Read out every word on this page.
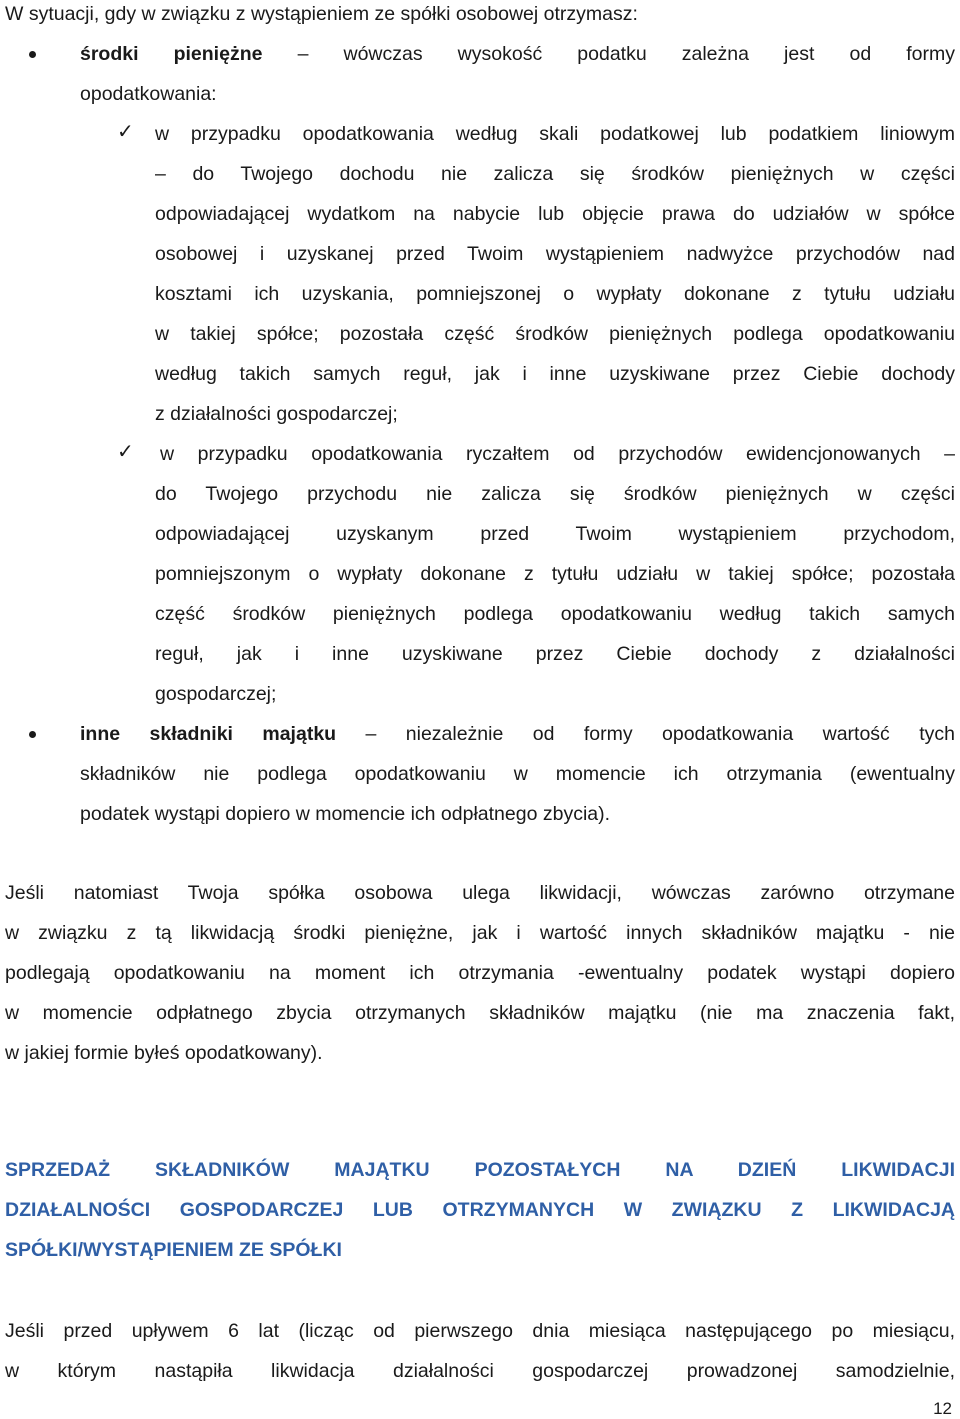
W sytuacji, gdy w związku z wystąpieniem ze spółki osobowej otrzymasz:
środki pieniężne – wówczas wysokość podatku zależna jest od formy
opodatkowania:
✓ w przypadku opodatkowania według skali podatkowej lub podatkiem liniowym
– do Twojego dochodu nie zalicza się środków pieniężnych w części
odpowiadającej wydatkom na nabycie lub objęcie prawa do udziałów w spółce
osobowej i uzyskanej przed Twoim wystąpieniem nadwyżce przychodów nad
kosztami ich uzyskania, pomniejszonej o wypłaty dokonane z tytułu udziału
w takiej spółce; pozostała część środków pieniężnych podlega opodatkowaniu
według takich samych reguł, jak i inne uzyskiwane przez Ciebie dochody
z działalności gospodarczej;
✓ w przypadku opodatkowania ryczałtem od przychodów ewidencjonowanych –
do Twojego przychodu nie zalicza się środków pieniężnych w części
odpowiadającej uzyskanym przed Twoim wystąpieniem przychodom,
pomniejszonym o wypłaty dokonane z tytułu udziału w takiej spółce; pozostała
część środków pieniężnych podlega opodatkowaniu według takich samych
reguł, jak i inne uzyskiwane przez Ciebie dochody z działalności
gospodarczej;
inne składniki majątku – niezależnie od formy opodatkowania wartość tych
składników nie podlega opodatkowaniu w momencie ich otrzymania (ewentualny
podatek wystąpi dopiero w momencie ich odpłatnego zbycia).
Jeśli natomiast Twoja spółka osobowa ulega likwidacji, wówczas zarówno otrzymane
w związku z tą likwidacją środki pieniężne, jak i wartość innych składników majątku - nie
podlegają opodatkowaniu na moment ich otrzymania -ewentualny podatek wystąpi dopiero
w momencie odpłatnego zbycia otrzymanych składników majątku (nie ma znaczenia fakt,
w jakiej formie byłeś opodatkowany).
SPRZEDAŻ SKŁADNIKÓW MAJĄTKU POZOSTAŁYCH NA DZIEŃ LIKWIDACJI
DZIAŁALNOŚCI GOSPODARCZEJ LUB OTRZYMANYCH W ZWIĄZKU Z LIKWIDACJĄ
SPÓŁKI/WYSTĄPIENIEM ZE SPÓŁKI
Jeśli przed upływem 6 lat (licząc od pierwszego dnia miesiąca następującego po miesiącu,
w którym nastąpiła likwidacja działalności gospodarczej prowadzonej samodzielnie,
12
